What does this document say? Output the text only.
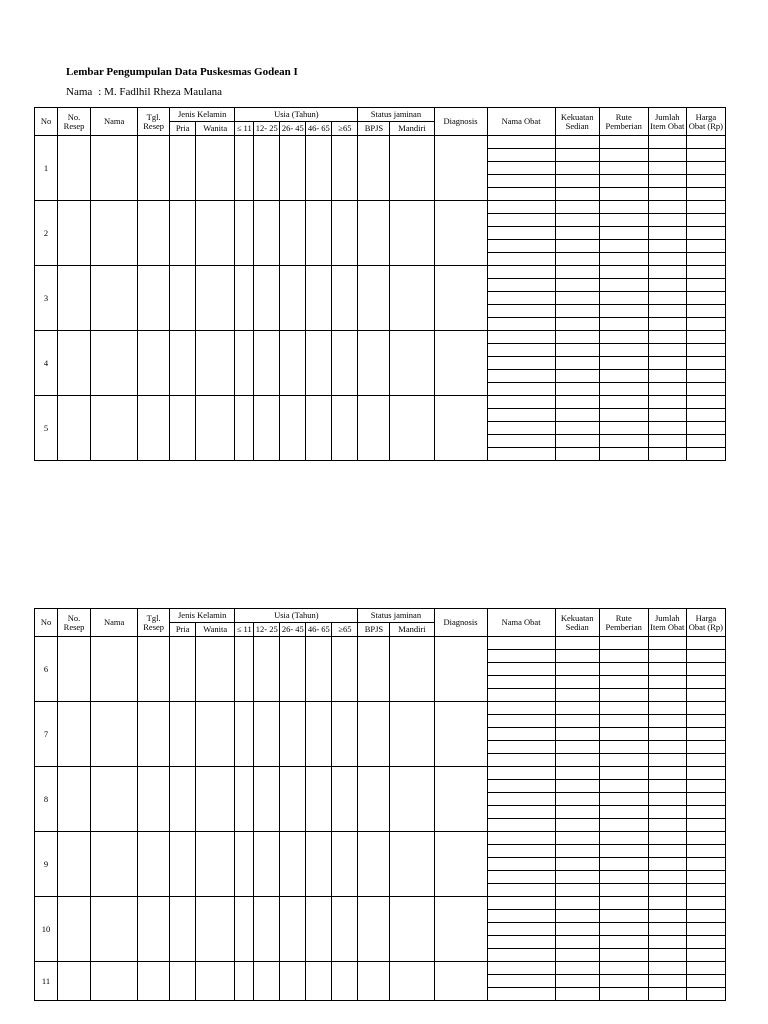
Lembar Pengumpulan Data Puskesmas Godean I
Nama : M. Fadlhil Rheza Maulana
No	No. Resep	Nama	Tgl. Resep	Jenis Kelamin		Usia (Tahun)					Status jaminan		Diagnosis	Nama Obat	Kekuatan Sedian	Rute Pemberian	Jumlah Item Obat	Harga Obat (Rp)
				Pria	Wanita	≤ 11	12- 25	26- 45	46- 65	≥65	BPJS	Mandiri						
1																		

2																		

3																		

4																		

5																		

No	No. Resep	Nama	Tgl. Resep	Jenis Kelamin		Usia (Tahun)					Status jaminan		Diagnosis	Nama Obat	Kekuatan Sedian	Rute Pemberian	Jumlah Item Obat	Harga Obat (Rp)
				Pria	Wanita	≤ 11	12- 25	26- 45	46- 65	≥65	BPJS	Mandiri						
6																		

7																		

8																		

9																		

10																		

11																		
